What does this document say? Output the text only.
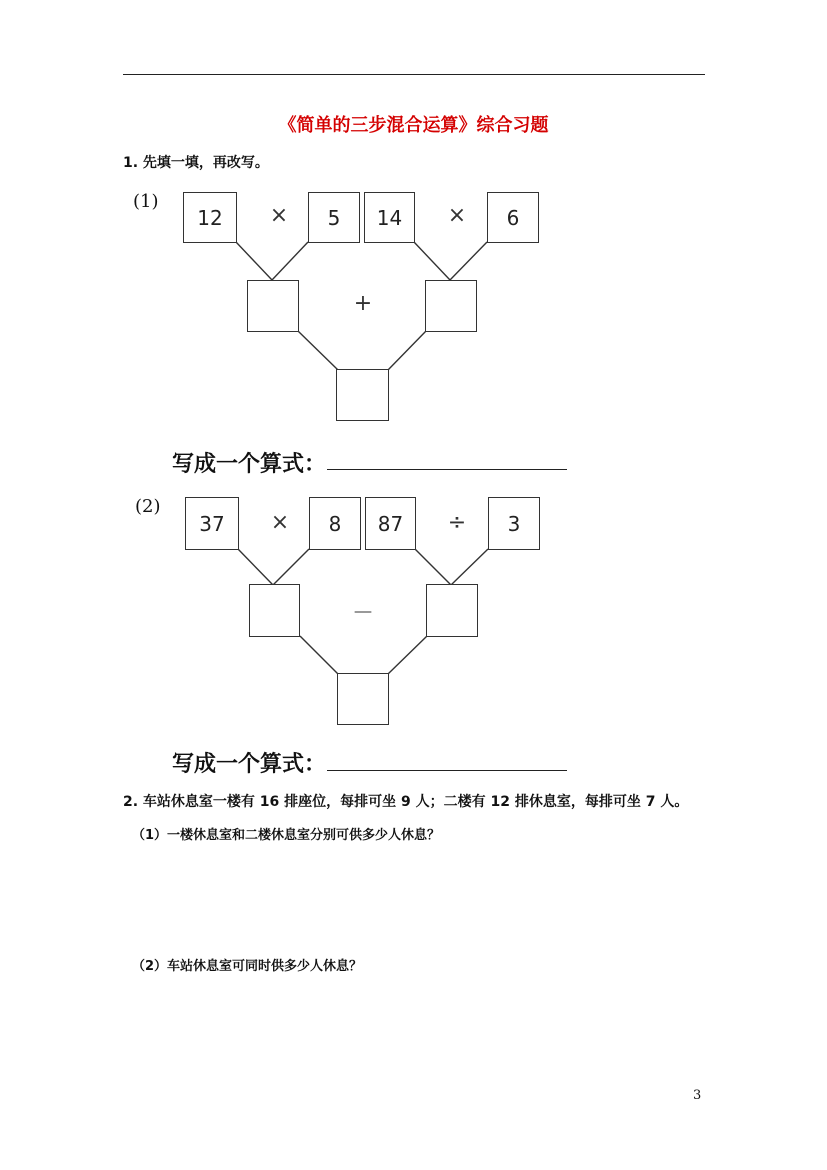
《简单的三步混合运算》综合习题
1. 先填一填，再改写。
(1)
12	×	5	14	×	6
+
写成一个算式：
(2)
37	×	8	87	÷	3
－
写成一个算式：
2. 车站休息室一楼有 16 排座位，每排可坐 9 人；二楼有 12 排休息室，每排可坐 7 人。
（1）一楼休息室和二楼休息室分别可供多少人休息？
（2）车站休息室可同时供多少人休息？
3
